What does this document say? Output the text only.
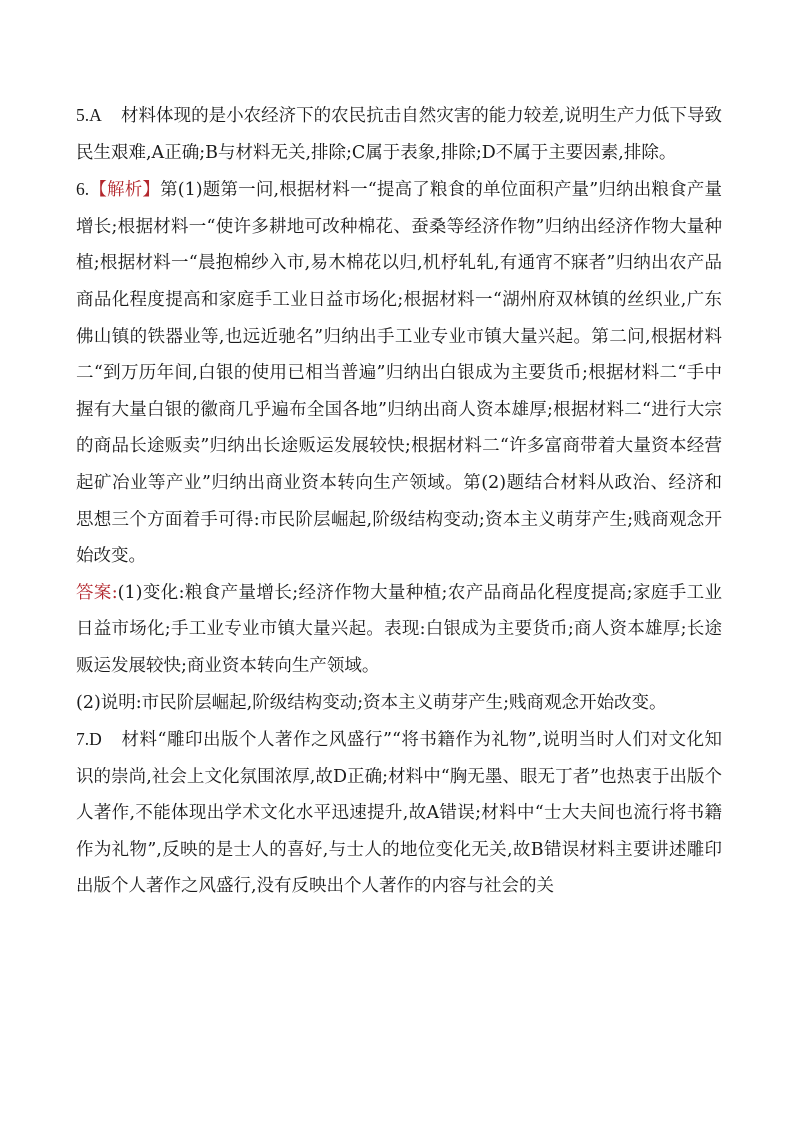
5.A 材料体现的是小农经济下的农民抗击自然灾害的能力较差,说明生产力低下导致民生艰难,A正确;B与材料无关,排除;C属于表象,排除;D不属于主要因素,排除。

6.【解析】第(1)题第一问,根据材料一“提高了粮食的单位面积产量”归纳出粮食产量增长;根据材料一“使许多耕地可改种棉花、蚕桑等经济作物”归纳出经济作物大量种植;根据材料一“晨抱棉纱入市,易木棉花以归,机杼轧轧,有通宵不寐者”归纳出农产品商品化程度提高和家庭手工业日益市场化;根据材料一“湖州府双林镇的丝织业,广东佛山镇的铁器业等,也远近驰名”归纳出手工业专业市镇大量兴起。第二问,根据材料二“到万历年间,白银的使用已相当普遍”归纳出白银成为主要货币;根据材料二“手中握有大量白银的徽商几乎遍布全国各地”归纳出商人资本雄厚;根据材料二“进行大宗的商品长途贩卖”归纳出长途贩运发展较快;根据材料二“许多富商带着大量资本经营起矿冶业等产业”归纳出商业资本转向生产领域。第(2)题结合材料从政治、经济和思想三个方面着手可得:市民阶层崛起,阶级结构变动;资本主义萌芽产生;贱商观念开始改变。

答案:(1)变化:粮食产量增长;经济作物大量种植;农产品商品化程度提高;家庭手工业日益市场化;手工业专业市镇大量兴起。表现:白银成为主要货币;商人资本雄厚;长途贩运发展较快;商业资本转向生产领域。

(2)说明:市民阶层崛起,阶级结构变动;资本主义萌芽产生;贱商观念开始改变。

7.D 材料“雕印出版个人著作之风盛行”“将书籍作为礼物”,说明当时人们对文化知识的崇尚,社会上文化氛围浓厚,故D正确;材料中“胸无墨、眼无丁者”也热衷于出版个人著作,不能体现出学术文化水平迅速提升,故A错误;材料中“士大夫间也流行将书籍作为礼物”,反映的是士人的喜好,与士人的地位变化无关,故B错误材料主要讲述雕印出版个人著作之风盛行,没有反映出个人著作的内容与社会的关
